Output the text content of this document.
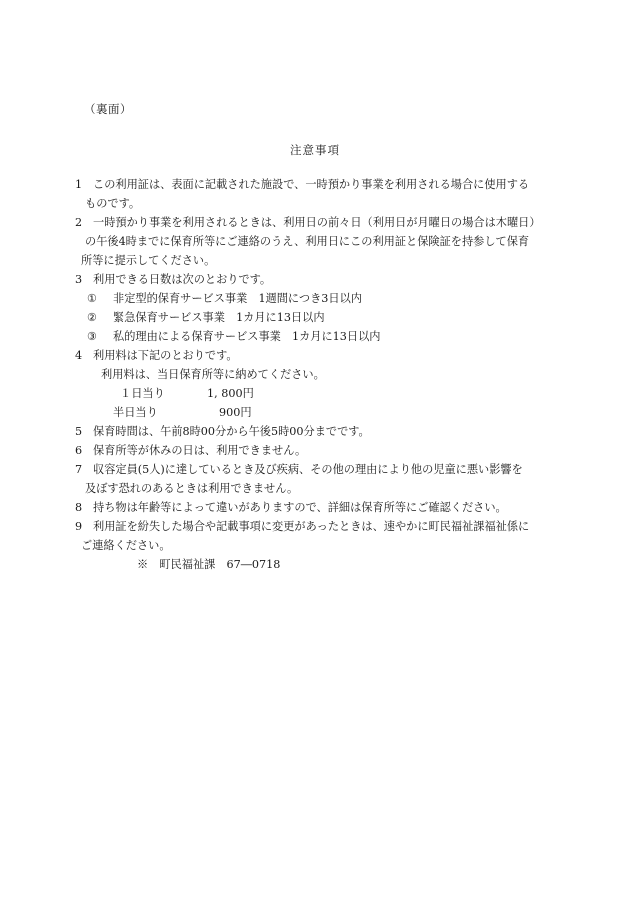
（裏面）
注意事項
1 この利用証は、表面に記載された施設で、一時預かり事業を利用される場合に使用する
ものです。
2 一時預かり事業を利用されるときは、利用日の前々日（利用日が月曜日の場合は木曜日）
の午後4時までに保育所等にご連絡のうえ、利用日にこの利用証と保険証を持参して保育
所等に提示してください。
3 利用できる日数は次のとおりです。
① 非定型的保育サービス事業　1週間につき3日以内
② 緊急保育サービス事業　1カ月に13日以内
③ 私的理由による保育サービス事業　1カ月に13日以内
4 利用料は下記のとおりです。
利用料は、当日保育所等に納めてください。
１日当り	1, 800円
半日当り	900円
5 保育時間は、午前8時00分から午後5時00分までです。
6 保育所等が休みの日は、利用できません。
7 収容定員(5人)に達しているとき及び疾病、その他の理由により他の児童に悪い影響を
及ぼす恐れのあるときは利用できません。
8 持ち物は年齢等によって違いがありますので、詳細は保育所等にご確認ください。
9 利用証を紛失した場合や記載事項に変更があったときは、速やかに町民福祉課福祉係に
ご連絡ください。
※　町民福祉課　67―0718
